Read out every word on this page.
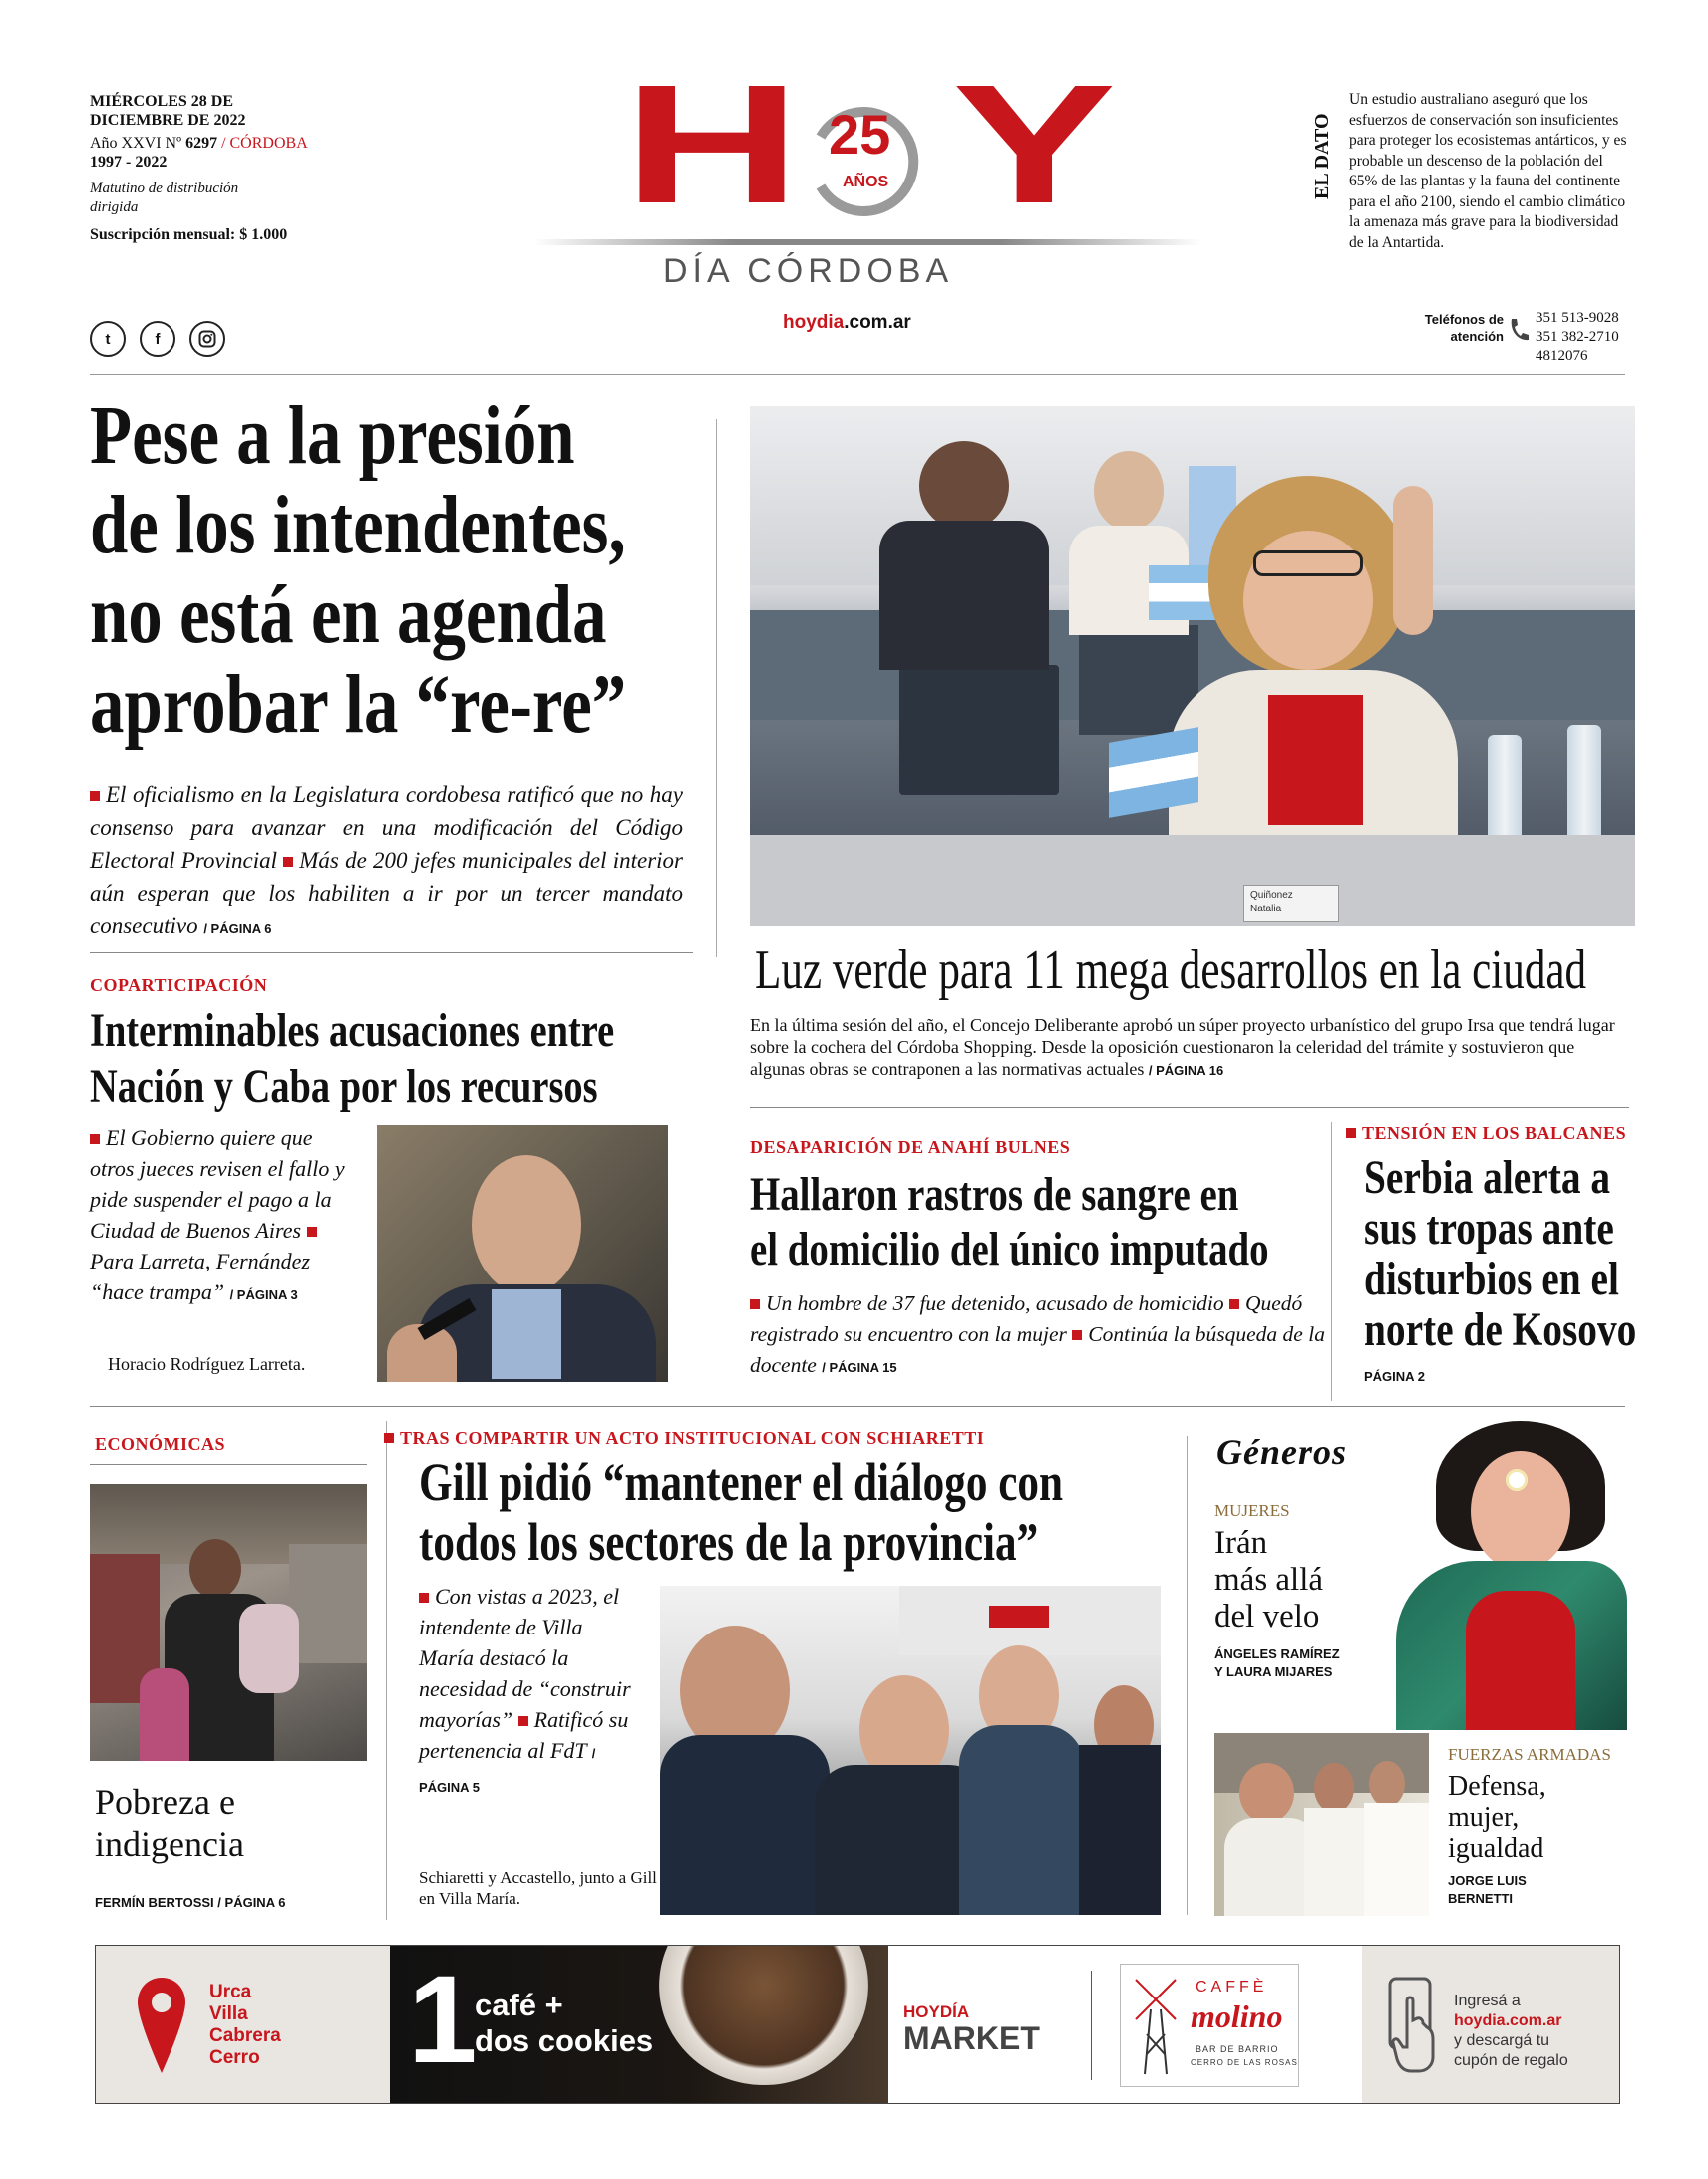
MIÉRCOLES 28 DE DICIEMBRE DE 2022
Año XXVI Nº 6297 / CÓRDOBA
1997 - 2022
Matutino de distribución dirigida
Suscripción mensual: $ 1.000
t	f
H 25
AÑOS Y
DÍA CÓRDOBA
hoydia.com.ar
EL DATO
Un estudio australiano aseguró que los esfuerzos de conservación son insuficientes para proteger los ecosistemas antárticos, y es probable un descenso de la población del 65% de las plantas y la fauna del continente para el año 2100, siendo el cambio climático la amenaza más grave para la biodiversidad de la Antartida.
Teléfonos de atención
351 513-9028
351 382-2710
4812076
Pese a la presión
de los intendentes,
no está en agenda
aprobar la “re-re”
El oficialismo en la Legislatura cordobesa ratificó que no hay consenso para avanzar en una modificación del Código Electoral Provincial Más de 200 jefes municipales del interior aún esperan que los habiliten a ir por un tercer mandato consecutivo / PÁGINA 6
Quiñonez
Natalia
Luz verde para 11 mega desarrollos en la ciudad
En la última sesión del año, el Concejo Deliberante aprobó un súper proyecto urbanístico del grupo Irsa que tendrá lugar sobre la cochera del Córdoba Shopping. Desde la oposición cuestionaron la celeridad del trámite y sostuvieron que algunas obras se contraponen a las normativas actuales / PÁGINA 16
COPARTICIPACIÓN
Interminables acusaciones entre
Nación y Caba por los recursos
El Gobierno quiere que otros jueces revisen el fallo y pide suspender el pago a la Ciudad de Buenos Aires Para Larreta, Fernández “hace trampa” / PÁGINA 3
Horacio Rodríguez Larreta.
DESAPARICIÓN DE ANAHÍ BULNES
Hallaron rastros de sangre en
el domicilio del único imputado
Un hombre de 37 fue detenido, acusado de homicidio Quedó registrado su encuentro con la mujer Continúa la búsqueda de la docente / PÁGINA 15
TENSIÓN EN LOS BALCANES
Serbia alerta a
sus tropas ante
disturbios en el
norte de Kosovo
PÁGINA 2
ECONÓMICAS
Pobreza e
indigencia
FERMÍN BERTOSSI / PÁGINA 6
TRAS COMPARTIR UN ACTO INSTITUCIONAL CON SCHIARETTI
Gill pidió “mantener el diálogo con
todos los sectores de la provincia”
Con vistas a 2023, el intendente de Villa María destacó la necesidad de “construir mayorías” Ratificó su pertenencia al FdT / PÁGINA 5
Schiaretti y Accastello, junto a Gill en Villa María.
Géneros
MUJERES
Irán
más allá
del velo
ÁNGELES RAMÍREZ
Y LAURA MIJARES
FUERZAS ARMADAS
Defensa,
mujer,
igualdad
JORGE LUIS
BERNETTI
Urca
Villa
Cabrera
Cerro 1
café +
dos cookies
HOYDÍA
MARKET
CAFFÈ
molino
BAR DE BARRIO
CERRO DE LAS ROSAS
Ingresá a
hoydia.com.ar
y descargá tu
cupón de regalo
